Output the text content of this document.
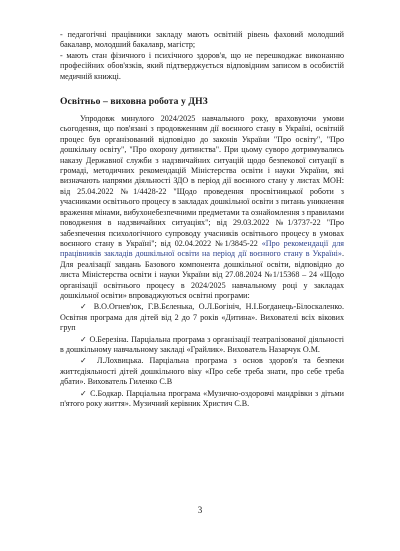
- педагогічні працівники закладу мають освітній рівень фаховий молодший бакалавр, молодший бакалавр, магістр;

- мають стан фізичного і психічного здоров'я, що не перешкоджає виконанню професійних обов'язків, який підтверджується відповідним записом в особистій медичній книжці.

Освітньо – виховна робота у ДНЗ

Упродовж минулого 2024/2025 навчального року, враховуючи умови сьогодення, що пов'язані з продовженням дії воєнного стану в Україні, освітній процес був організований відповідно до законів України "Про освіту", "Про дошкільну освіту", "Про охорону дитинства". При цьому суворо дотримувались наказу Державної служби з надзвичайних ситуацій щодо безпекової ситуації в громаді, методичних рекомендацій Міністерства освіти і науки України, які визначають напрями діяльності ЗДО в період дії воєнного стану у листах МОН: від 25.04.2022 №1/4428-22 "Щодо проведення просвітницької роботи з учасниками освітнього процесу в закладах дошкільної освіти з питань уникнення враження мінами, вибухонебезпечними предметами та ознайомлення з правилами поводження в надзвичайних ситуаціях"; від 29.03.2022 №1/3737-22 "Про забезпечення психологічного супроводу учасників освітнього процесу в умовах воєнного стану в Україні"; від 02.04.2022 №1/3845-22 «Про рекомендації для працівників закладів дошкільної освіти на період дії воєнного стану в Україні». Для реалізації завдань Базового компонента дошкільної освіти, відповідно до листа Міністерства освіти і науки України від 27.08.2024 №1/15368 – 24 «Щодо організації освітнього процесу в 2024/2025 навчальному році у закладах дошкільної освіти» впроваджуються освітні програми:

✓ В.О.Огнев'юк, Г.В.Бєленька, О.Л.Богініч, Н.І.Богданець-Білоскаленко. Освітня програма для дітей від 2 до 7 років «Дитина». Вихователі всіх вікових груп

✓ О.Березіна. Парціальна програма з організації театралізованої діяльності в дошкільному навчальному закладі «Грайлик». Вихователь Назарчук О.М.

✓ Л.Лохвицька. Парціальна програма з основ здоров'я та безпеки життєдіяльності дітей дошкільного віку «Про себе треба знати, про себе треба дбати». Вихователь Гиленко С.В

✓ С.Бодкар. Парціальна програма «Музично-оздоровчі мандрівки з дітьми п'ятого року життя». Музичний керівник Христич С.В.

3
